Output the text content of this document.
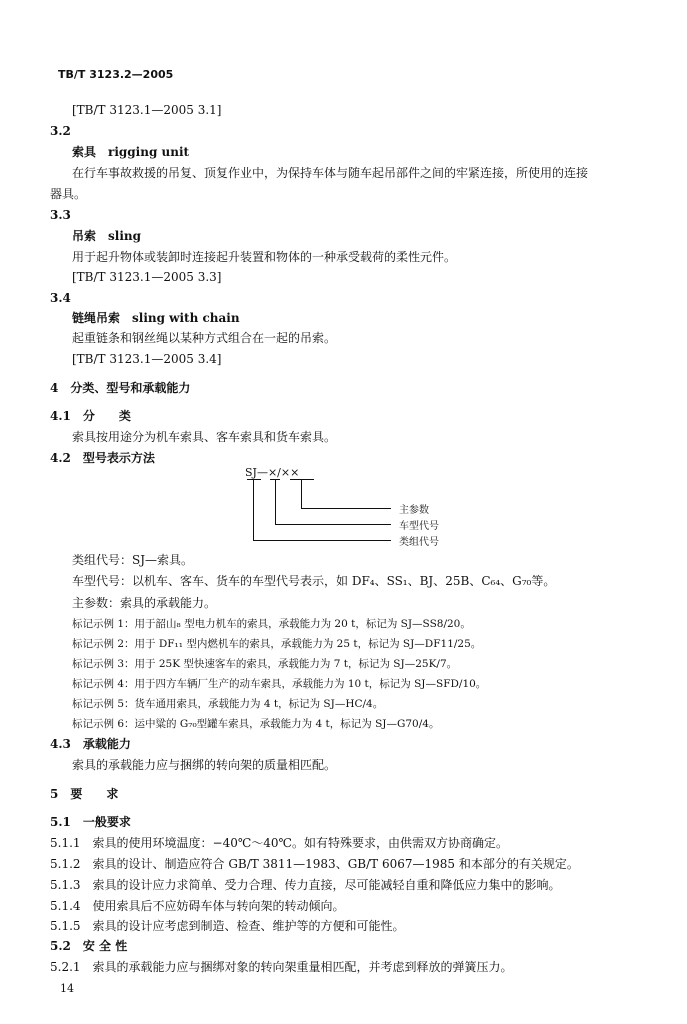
TB/T 3123.2—2005
[TB/T 3123.1—2005 3.1]
3.2
索具　rigging unit
在行车事故救援的吊复、顶复作业中，为保持车体与随车起吊部件之间的牢紧连接，所使用的连接
器具。
3.3
吊索　sling
用于起升物体或装卸时连接起升装置和物体的一种承受载荷的柔性元件。
[TB/T 3123.1—2005 3.3]
3.4
链绳吊索　sling with chain
起重链条和钢丝绳以某种方式组合在一起的吊索。
[TB/T 3123.1—2005 3.4]
4　分类、型号和承载能力
4.1　分　　类
索具按用途分为机车索具、客车索具和货车索具。
4.2　型号表示方法
SJ—×/××
主参数
车型代号
类组代号
类组代号：SJ—索具。
车型代号：以机车、客车、货车的车型代号表示，如 DF₄、SS₁、BJ、25B、C₆₄、G₇₀等。
主参数：索具的承载能力。
标记示例 1：用于韶山₈ 型电力机车的索具，承载能力为 20 t，标记为 SJ—SS8/20。
标记示例 2：用于 DF₁₁ 型内燃机车的索具，承载能力为 25 t，标记为 SJ—DF11/25。
标记示例 3：用于 25K 型快速客车的索具，承载能力为 7 t，标记为 SJ—25K/7。
标记示例 4：用于四方车辆厂生产的动车索具，承载能力为 10 t，标记为 SJ—SFD/10。
标记示例 5：货车通用索具，承载能力为 4 t，标记为 SJ—HC/4。
标记示例 6：运中粱的 G₇₀型罐车索具，承载能力为 4 t，标记为 SJ—G70/4。
4.3　承载能力
索具的承载能力应与捆绑的转向架的质量相匹配。
5　要　　求
5.1　一般要求
5.1.1　索具的使用环境温度：−40℃～40℃。如有特殊要求，由供需双方协商确定。
5.1.2　索具的设计、制造应符合 GB/T 3811—1983、GB/T 6067—1985 和本部分的有关规定。
5.1.3　索具的设计应力求简单、受力合理、传力直接，尽可能减轻自重和降低应力集中的影响。
5.1.4　使用索具后不应妨碍车体与转向架的转动倾向。
5.1.5　索具的设计应考虑到制造、检查、维护等的方便和可能性。
5.2　安 全 性
5.2.1　索具的承载能力应与捆绑对象的转向架重量相匹配，并考虑到释放的弹簧压力。
14
